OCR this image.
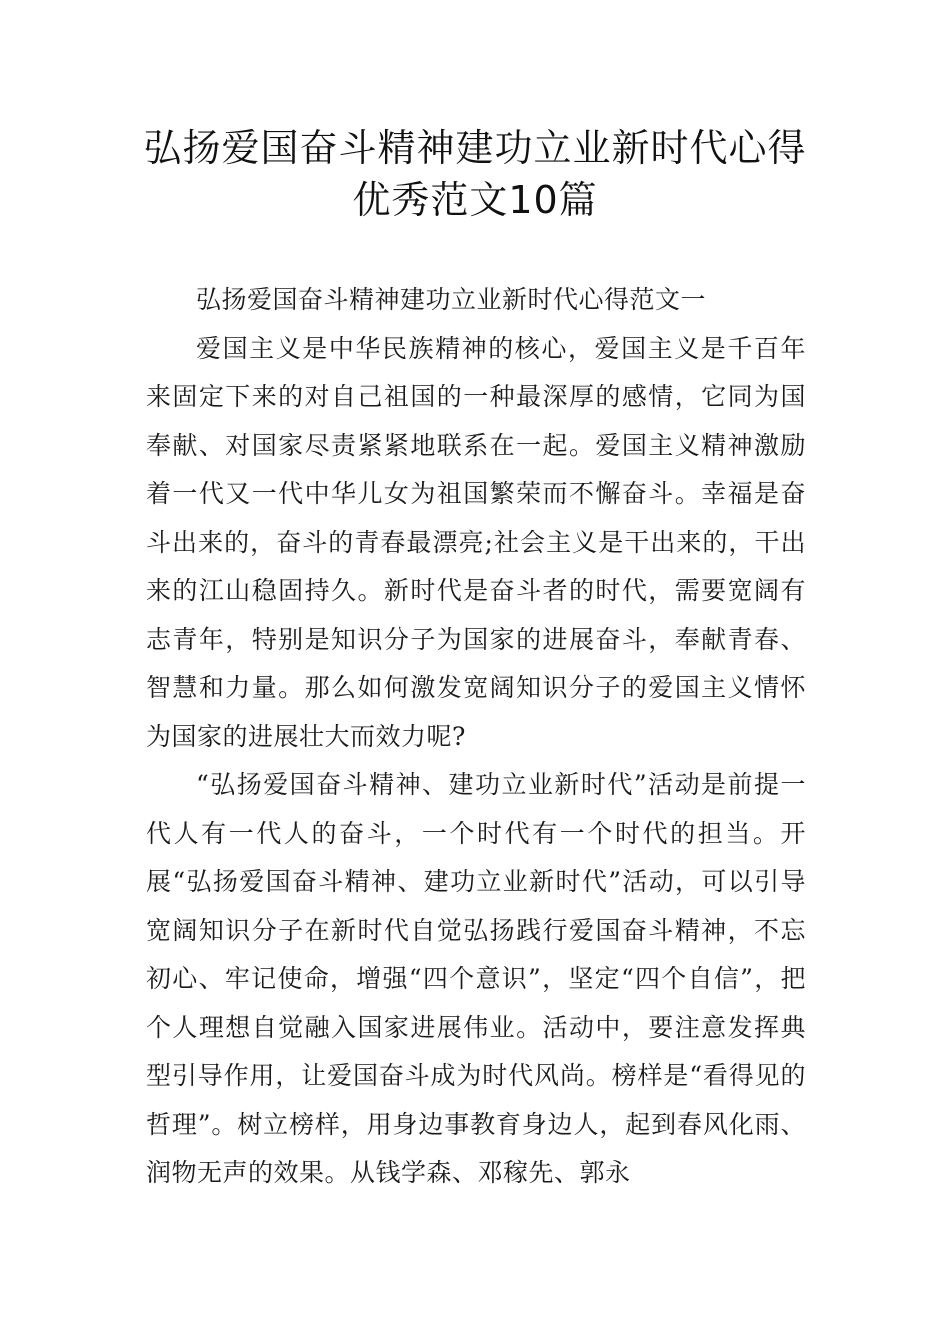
弘扬爱国奋斗精神建功立业新时代心得
优秀范文10篇

弘扬爱国奋斗精神建功立业新时代心得范文一

爱国主义是中华民族精神的核心，爱国主义是千百年来固定下来的对自己祖国的一种最深厚的感情，它同为国奉献、对国家尽责紧紧地联系在一起。爱国主义精神激励着一代又一代中华儿女为祖国繁荣而不懈奋斗。幸福是奋斗出来的，奋斗的青春最漂亮;社会主义是干出来的，干出来的江山稳固持久。新时代是奋斗者的时代，需要宽阔有志青年，特别是知识分子为国家的进展奋斗，奉献青春、智慧和力量。那么如何激发宽阔知识分子的爱国主义情怀为国家的进展壮大而效力呢?

“弘扬爱国奋斗精神、建功立业新时代”活动是前提一代人有一代人的奋斗，一个时代有一个时代的担当。开展“弘扬爱国奋斗精神、建功立业新时代”活动，可以引导宽阔知识分子在新时代自觉弘扬践行爱国奋斗精神，不忘初心、牢记使命，增强“四个意识”，坚定“四个自信”，把个人理想自觉融入国家进展伟业。活动中，要注意发挥典型引导作用，让爱国奋斗成为时代风尚。榜样是“看得见的哲理”。树立榜样，用身边事教育身边人，起到春风化雨、润物无声的效果。从钱学森、邓稼先、郭永
